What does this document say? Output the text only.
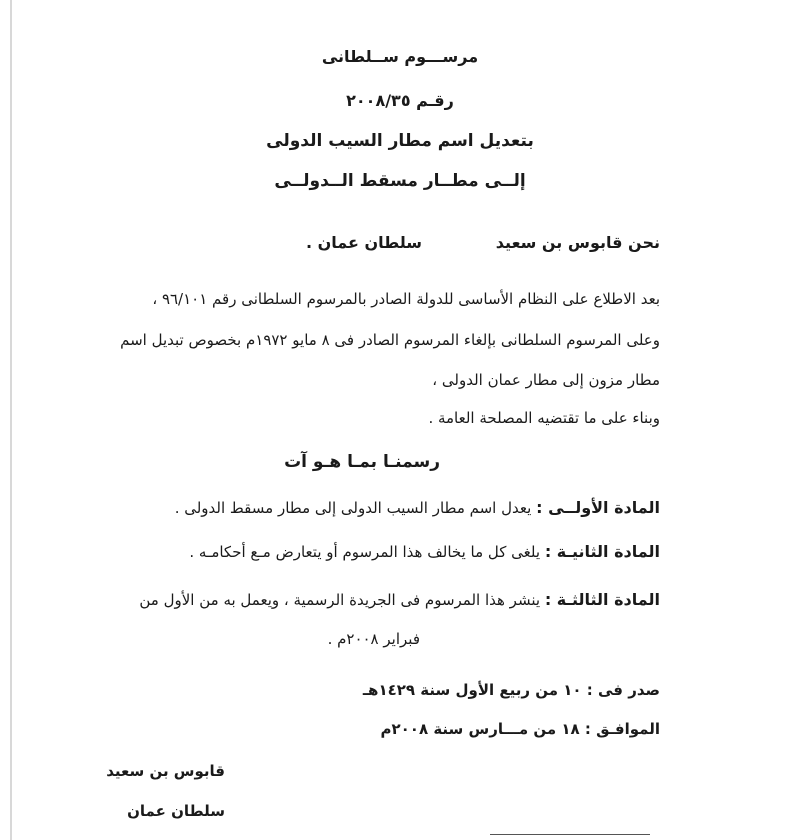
مرســـوم ســلطانى
رقـم ٢٠٠٨/٣٥
بتعديل اسم مطار السيب الدولى
إلــى مطــار مسقط الــدولــى
نحن قابوس بن سعيد
سلطان عمان .
بعد الاطلاع على النظام الأساسى للدولة الصادر بالمرسوم السلطانى رقم ٩٦/١٠١ ،
وعلى المرسوم السلطانى بإلغاء المرسوم الصادر فى ٨ مايو ١٩٧٢م بخصوص تبديل اسم
مطار مزون إلى مطار عمان الدولى ،
وبناء على ما تقتضيه المصلحة العامة .
رسمنـا بمـا هـو آت
المادة الأولــى : يعدل اسم مطار السيب الدولى إلى مطار مسقط الدولى .
المادة الثانيـة : يلغى كل ما يخالف هذا المرسوم أو يتعارض مـع أحكامـه .
المادة الثالثـة : ينشر هذا المرسوم فى الجريدة الرسمية ، ويعمل به من الأول من
فبراير ٢٠٠٨م .
صدر فى : ١٠ من ربيع الأول سنة ١٤٢٩هـ
الموافـق : ١٨ من مـــارس سنة ٢٠٠٨م
قابوس بن سعيد
سلطان عمان
